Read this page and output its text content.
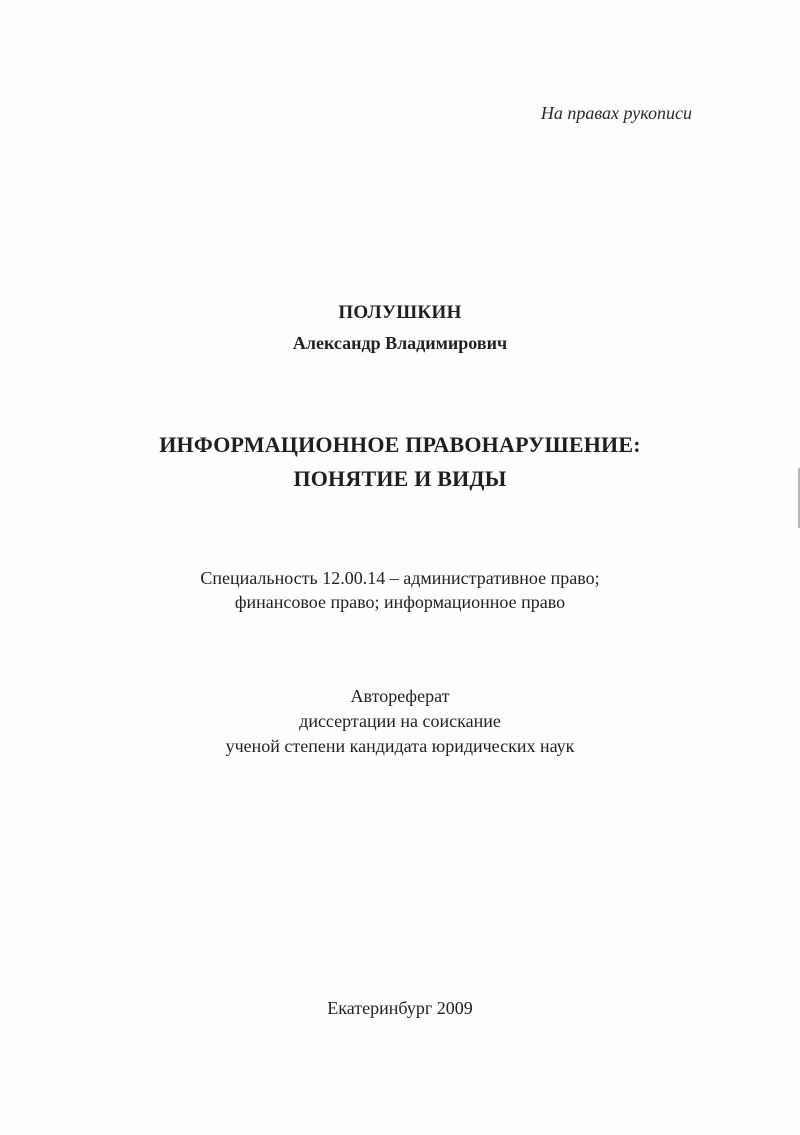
На правах рукописи
ПОЛУШКИН
Александр Владимирович
ИНФОРМАЦИОННОЕ ПРАВОНАРУШЕНИЕ:
ПОНЯТИЕ И ВИДЫ
Специальность 12.00.14 – административное право;
финансовое право; информационное право
Автореферат
диссертации на соискание
ученой степени кандидата юридических наук
Екатеринбург 2009
